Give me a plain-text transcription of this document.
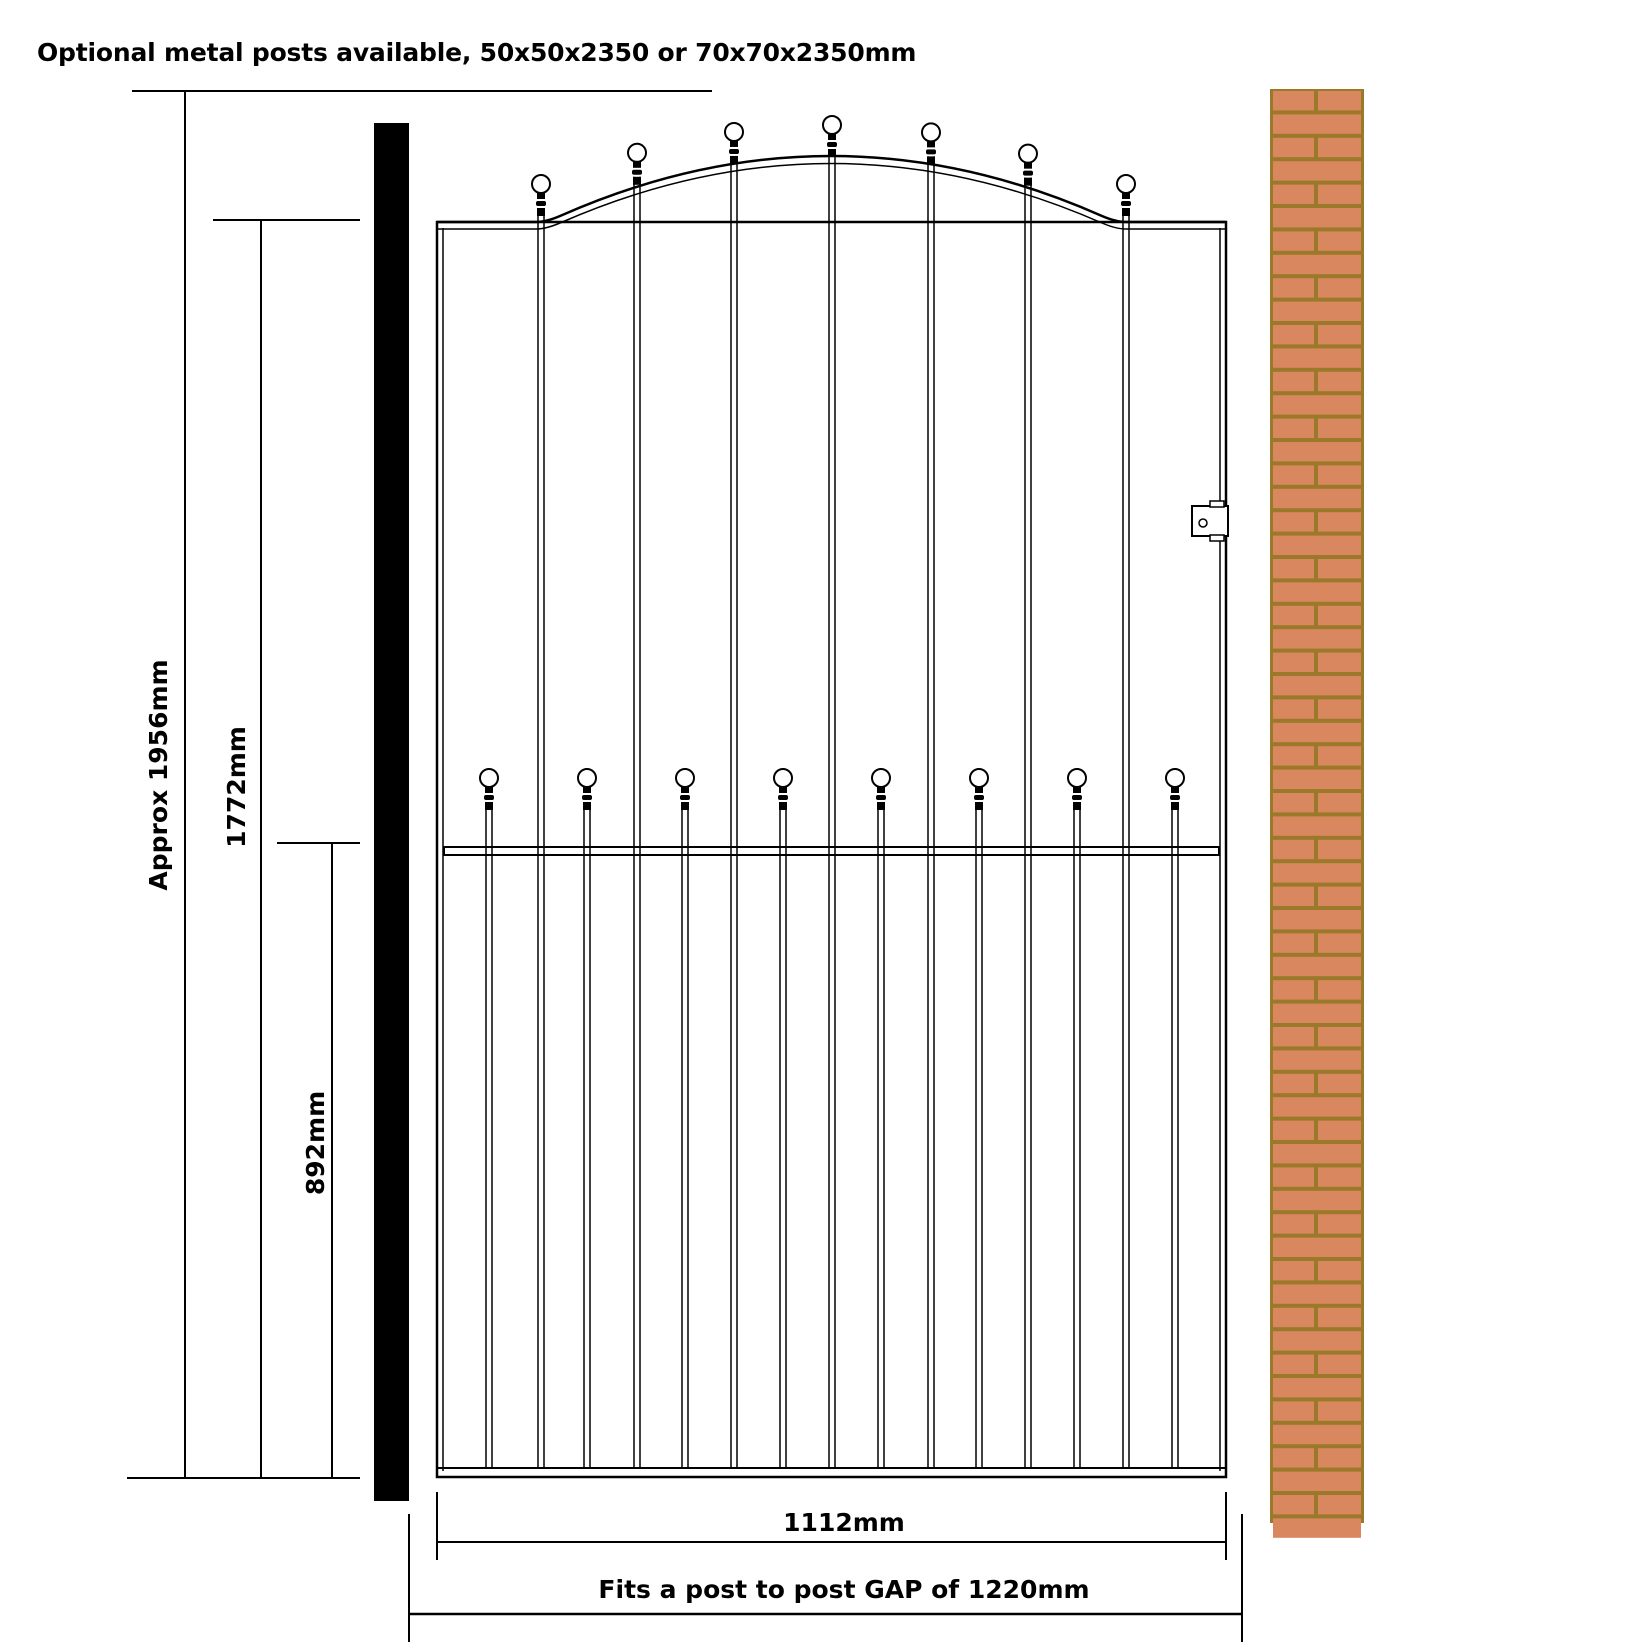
Optional metal posts available, 50x50x2350 or 70x70x2350mm
Approx 1956mm 1772mm
892mm
1112mm
Fits a post to post GAP of 1220mm
